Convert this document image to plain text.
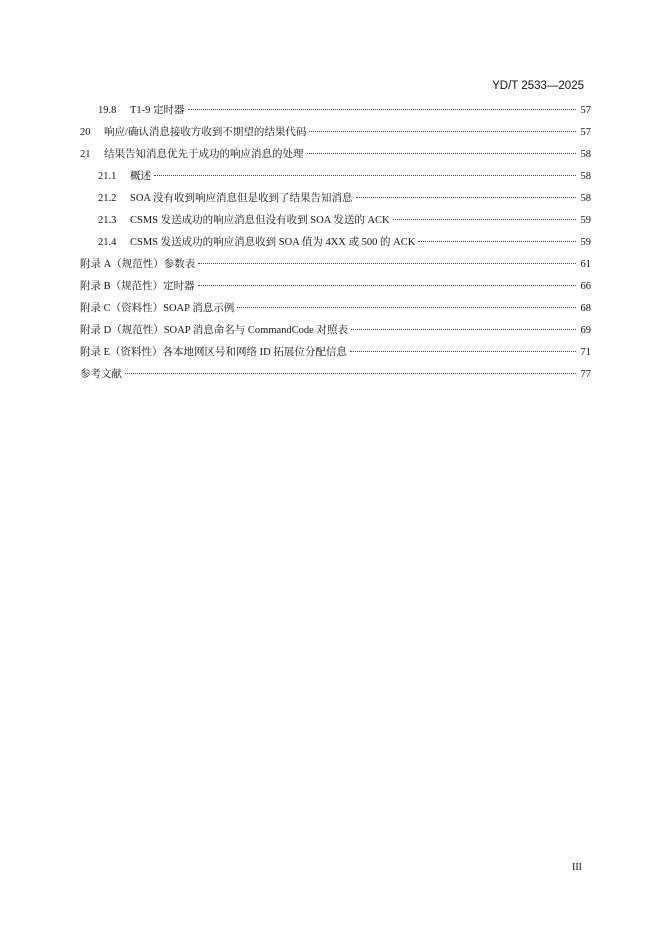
YD/T 2533—2025
19.8	T1-9 定时器	57
20	响应/确认消息接收方收到不期望的结果代码	57
21	结果告知消息优先于成功的响应消息的处理	58
21.1	概述	58
21.2	SOA 没有收到响应消息但是收到了结果告知消息	58
21.3	CSMS 发送成功的响应消息但没有收到 SOA 发送的 ACK	59
21.4	CSMS 发送成功的响应消息收到 SOA 值为 4XX 或 500 的 ACK	59
附录 A（规范性）参数表	61
附录 B（规范性）定时器	66
附录 C（资料性）SOAP 消息示例	68
附录 D（规范性）SOAP 消息命名与 CommandCode 对照表	69
附录 E（资料性）各本地网区号和网络 ID 拓展位分配信息	71
参考文献	77
III
